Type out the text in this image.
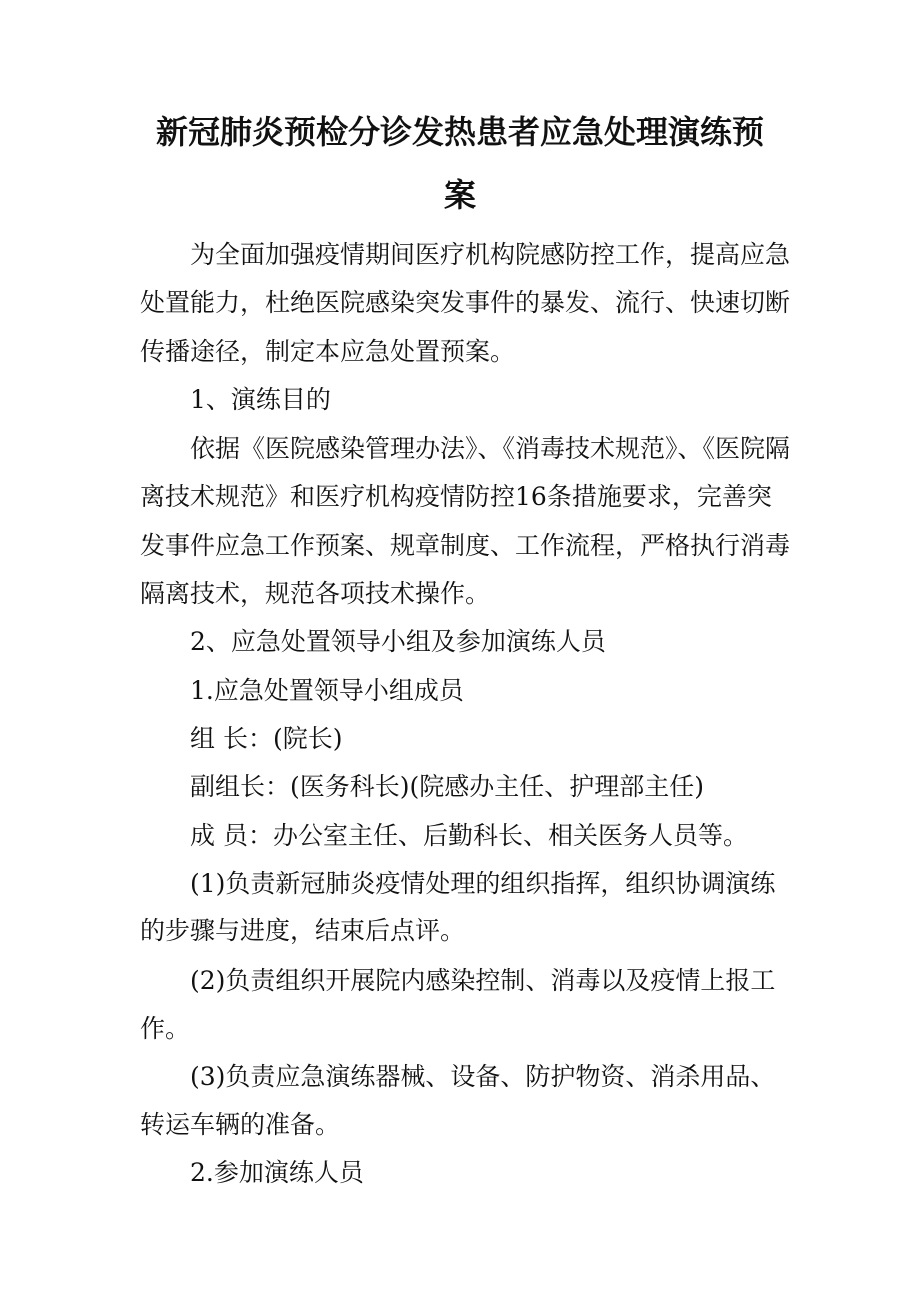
新冠肺炎预检分诊发热患者应急处理演练预
案

为全面加强疫情期间医疗机构院感防控工作，提高应急

处置能力，杜绝医院感染突发事件的暴发、流行、快速切断

传播途径，制定本应急处置预案。

1、演练目的

依据《医院感染管理办法》、《消毒技术规范》、《医院隔

离技术规范》和医疗机构疫情防控16条措施要求，完善突

发事件应急工作预案、规章制度、工作流程，严格执行消毒

隔离技术，规范各项技术操作。

2、应急处置领导小组及参加演练人员

1.应急处置领导小组成员

组 长：(院长)

副组长：(医务科长)(院感办主任、护理部主任)

成 员：办公室主任、后勤科长、相关医务人员等。

(1)负责新冠肺炎疫情处理的组织指挥，组织协调演练

的步骤与进度，结束后点评。

(2)负责组织开展院内感染控制、消毒以及疫情上报工

作。

(3)负责应急演练器械、设备、防护物资、消杀用品、

转运车辆的准备。

2.参加演练人员
